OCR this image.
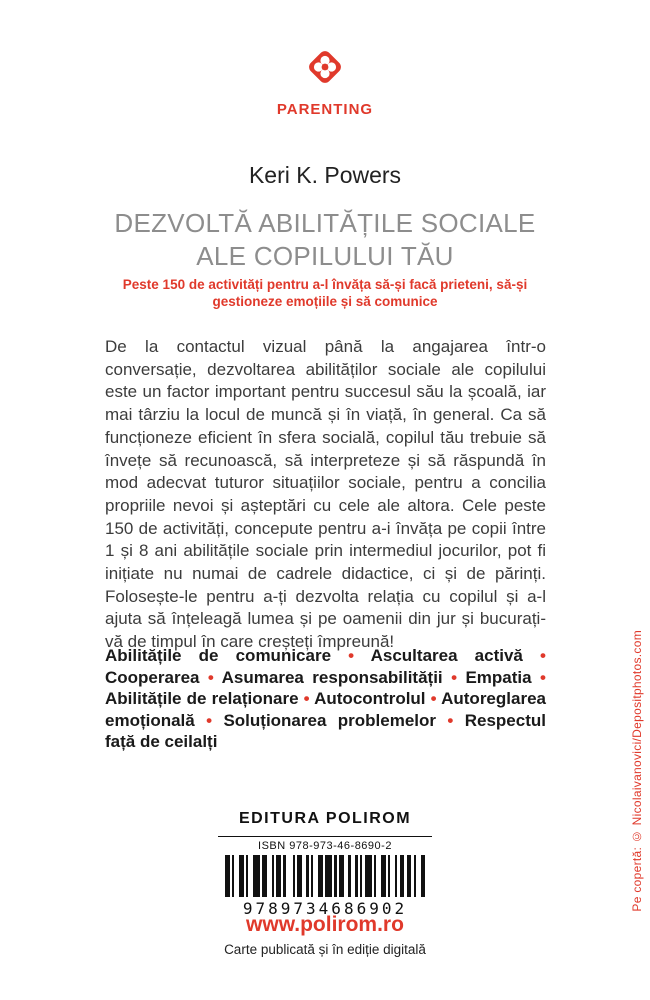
PARENTING
Keri K. Powers
DEZVOLTĂ ABILITĂȚILE SOCIALE
ALE COPILULUI TĂU
Peste 150 de activități pentru a-l învăța să-și facă prieteni, să-și gestioneze emoțiile și să comunice
De la contactul vizual până la angajarea într-o conversație, dezvoltarea abilităților sociale ale copilului este un factor important pentru succesul său la școală, iar mai târziu la locul de muncă și în viață, în general. Ca să funcționeze eficient în sfera socială, copilul tău trebuie să învețe să recunoască, să interpreteze și să răspundă în mod adecvat tuturor situațiilor sociale, pentru a concilia propriile nevoi și așteptări cu cele ale altora. Cele peste 150 de activități, concepute pentru a-i învăța pe copii între 1 și 8 ani abilitățile sociale prin intermediul jocurilor, pot fi inițiate nu numai de cadrele didactice, ci și de părinți. Folosește-le pentru a-ți dezvolta relația cu copilul și a-l ajuta să înțeleagă lumea și pe oamenii din jur și bucurați-vă de timpul în care creșteți împreună!
Abilitățile de comunicare • Ascultarea activă • Cooperarea • Asumarea responsabilității • Empatia • Abilitățile de relaționare • Autocontrolul • Autoreglarea emoțională • Soluționarea problemelor • Respectul față de ceilalți
EDITURA POLIROM
ISBN 978-973-46-8690-2
9789734686902
www.polirom.ro
Carte publicată și în ediție digitală
Pe copertă: © Nicolaivanovici/Depositphotos.com
